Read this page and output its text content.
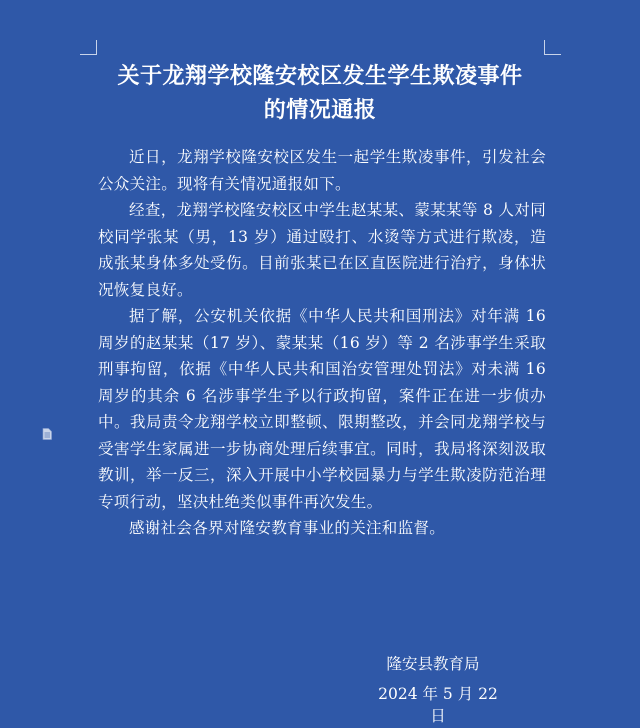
关于龙翔学校隆安校区发生学生欺凌事件
的情况通报

近日，龙翔学校隆安校区发生一起学生欺凌事件，引发社会公众关注。现将有关情况通报如下。

经查，龙翔学校隆安校区中学生赵某某、蒙某某等 8 人对同校同学张某（男，13 岁）通过殴打、水烫等方式进行欺凌，造成张某身体多处受伤。目前张某已在区直医院进行治疗，身体状况恢复良好。

据了解，公安机关依据《中华人民共和国刑法》对年满 16 周岁的赵某某（17 岁）、蒙某某（16 岁）等 2 名涉事学生采取刑事拘留，依据《中华人民共和国治安管理处罚法》对未满 16 周岁的其余 6 名涉事学生予以行政拘留，案件正在进一步侦办中。我局责令龙翔学校立即整顿、限期整改，并会同龙翔学校与受害学生家属进一步协商处理后续事宜。同时，我局将深刻汲取教训，举一反三，深入开展中小学校园暴力与学生欺凌防范治理专项行动，坚决杜绝类似事件再次发生。

感谢社会各界对隆安教育事业的关注和监督。

隆安县教育局
2024 年 5 月 22 日
